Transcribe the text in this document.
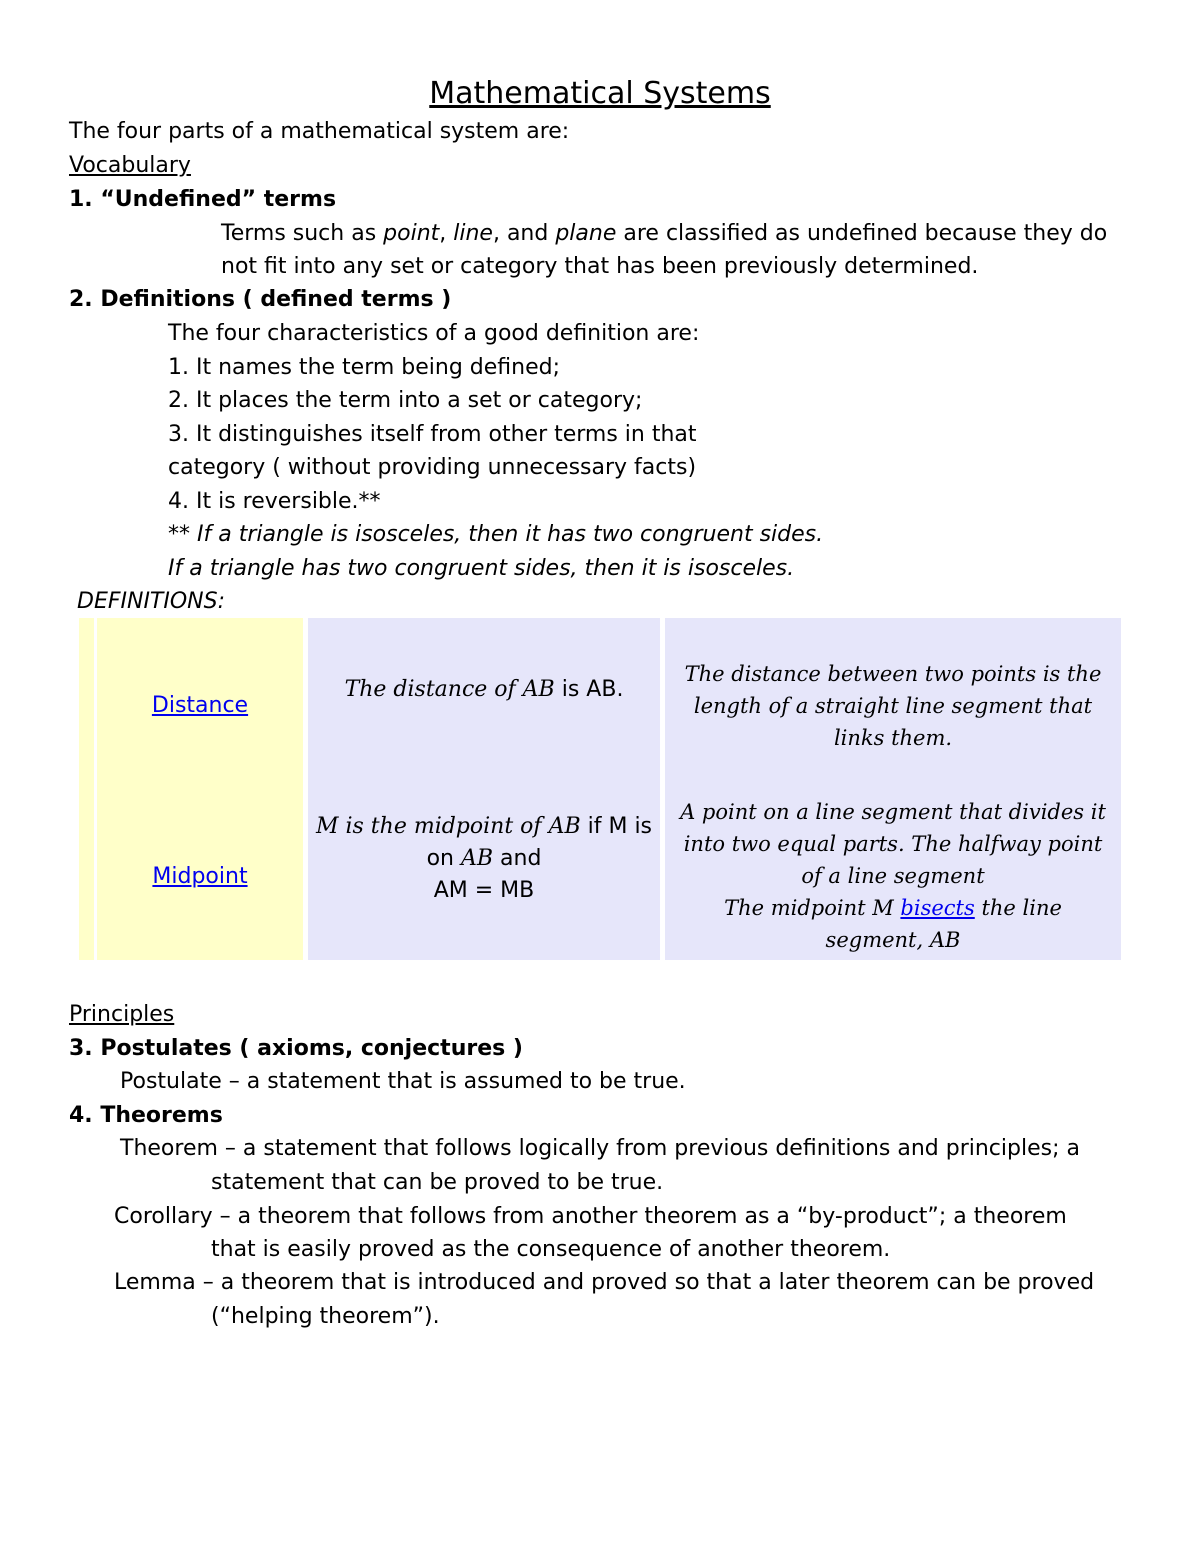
Mathematical Systems
The four parts of a mathematical system are:
Vocabulary
1. “Undefined” terms
Terms such as point, line, and plane are classified as undefined because they do
not fit into any set or category that has been previously determined.
2. Definitions ( defined terms )
The four characteristics of a good definition are:
1. It names the term being defined;
2. It places the term into a set or category;
3. It distinguishes itself from other terms in that
category ( without providing unnecessary facts)
4. It is reversible.**
** If a triangle is isosceles, then it has two congruent sides.
If a triangle has two congruent sides, then it is isosceles.
DEFINITIONS:
Distance
The distance of AB is AB.
The distance between two points is the
length of a straight line segment that
links them.
Midpoint
M is the midpoint of AB if M is
on AB and
AM = MB
A point on a line segment that divides it
into two equal parts. The halfway point
of a line segment
The midpoint M bisects the line
segment, AB
Principles
3. Postulates ( axioms, conjectures )
Postulate – a statement that is assumed to be true.
4. Theorems
Theorem – a statement that follows logically from previous definitions and principles; a
statement that can be proved to be true.
Corollary – a theorem that follows from another theorem as a “by-product”; a theorem
that is easily proved as the consequence of another theorem.
Lemma – a theorem that is introduced and proved so that a later theorem can be proved
(“helping theorem”).
